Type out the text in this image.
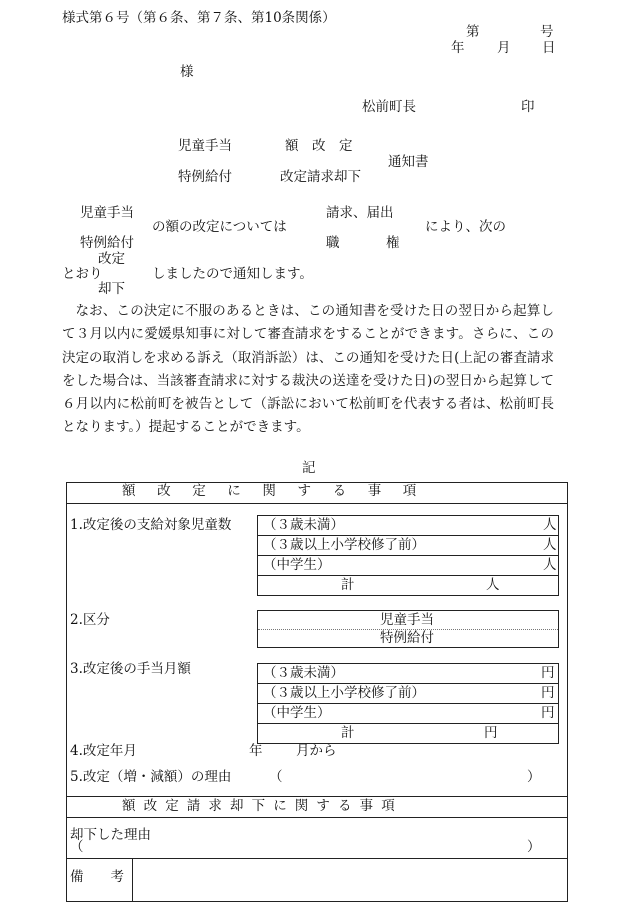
様式第６号（第６条、第７条、第10条関係）
第	号
年 月 日
様
松前町長	印
児童手当	額　改　定
通知書
特例給付	改定請求却下
児童手当	請求、届出
の額の改定については	により、次の
特例給付	職	権
改定
とおり	しましたので通知します。
却下

なお、この決定に不服のあるときは、この通知書を受けた日の翌日から起算して３月以内に愛媛県知事に対して審査請求をすることができます。さらに、この決定の取消しを求める訴え（取消訴訟）は、この通知を受けた日(上記の審査請求をした場合は、当該審査請求に対する裁決の送達を受けた日)の翌日から起算して６月以内に松前町を被告として（訴訟において松前町を代表する者は、松前町長となります。）提起することができます。

記
額改定に関する事項
1.改定後の支給対象児童数 （３歳未満）	人
（３歳以上小学校修了前）	人
（中学生）	人
計	人
2.区分	児童手当
特例給付
3.改定後の手当月額	（３歳未満）	円
（３歳以上小学校修了前）	円
（中学生）	円
計	円
4.改定年月	年 月から
5.改定（増・減額）の理由	（	）
額改定請求却下に関する事項
却下した理由
（	）
備　　考
